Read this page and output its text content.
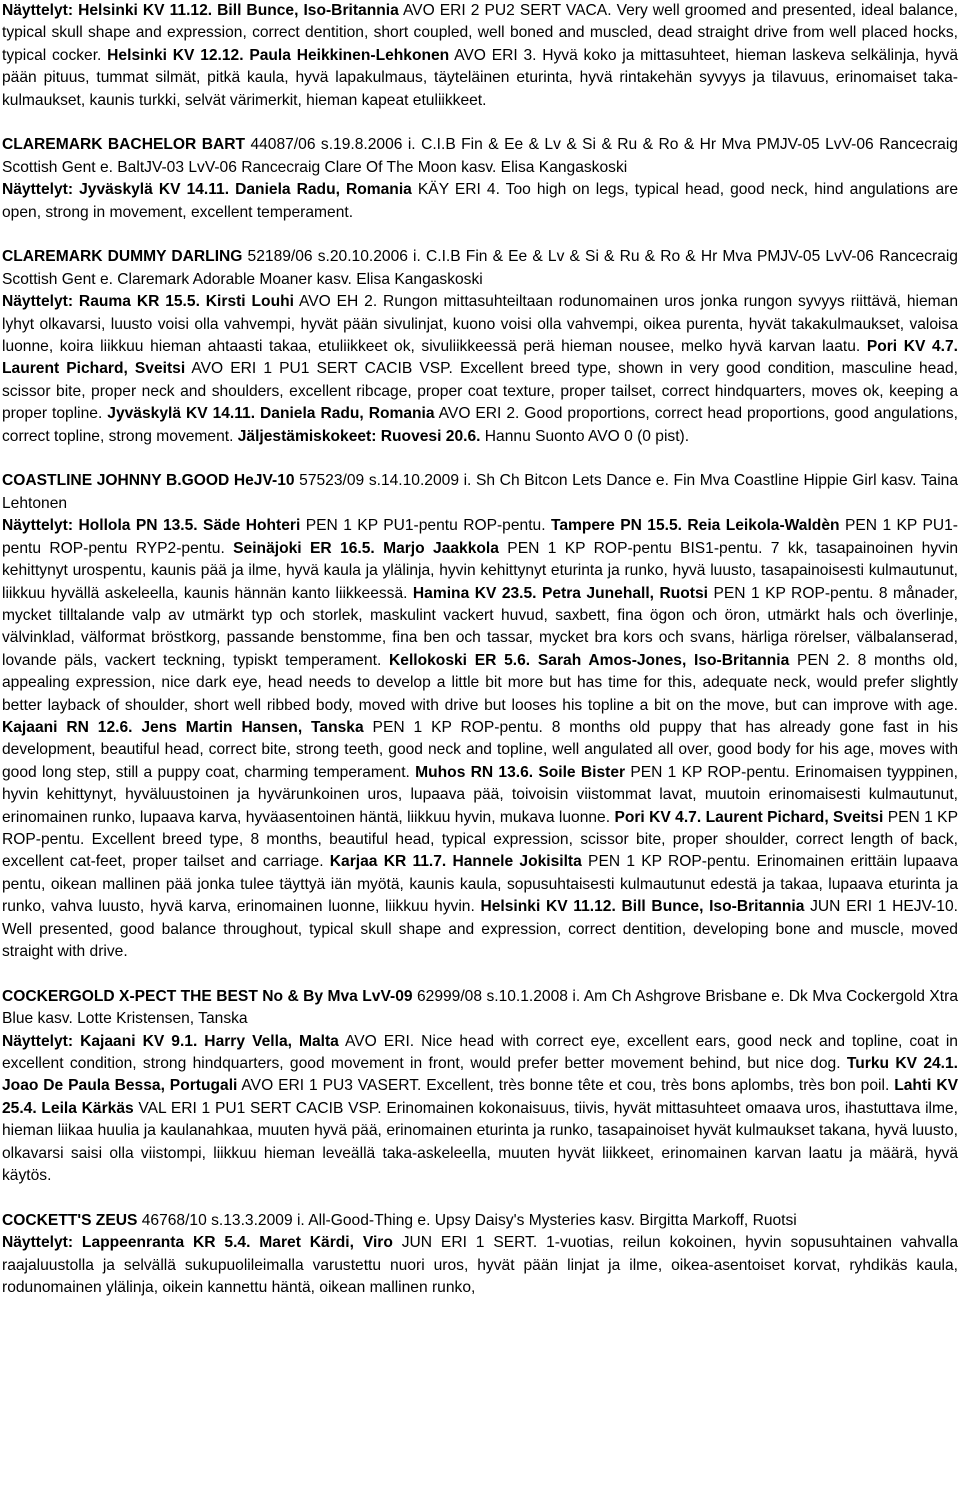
Näyttelyt: Helsinki KV 11.12. Bill Bunce, Iso-Britannia AVO ERI 2 PU2 SERT VACA. Very well groomed and presented, ideal balance, typical skull shape and expression, correct dentition, short coupled, well boned and muscled, dead straight drive from well placed hocks, typical cocker. Helsinki KV 12.12. Paula Heikkinen-Lehkonen AVO ERI 3. Hyvä koko ja mittasuhteet, hieman laskeva selkälinja, hyvä pään pituus, tummat silmät, pitkä kaula, hyvä lapakulmaus, täyteläinen eturinta, hyvä rintakehän syvyys ja tilavuus, erinomaiset taka-kulmaukset, kaunis turkki, selvät värimerkit, hieman kapeat etuliikkeet.

CLAREMARK BACHELOR BART 44087/06 s.19.8.2006 i. C.I.B Fin & Ee & Lv & Si & Ru & Ro & Hr Mva PMJV-05 LvV-06 Rancecraig Scottish Gent e. BaltJV-03 LvV-06 Rancecraig Clare Of The Moon kasv. Elisa Kangaskoski

Näyttelyt: Jyväskylä KV 14.11. Daniela Radu, Romania KÄY ERI 4. Too high on legs, typical head, good neck, hind angulations are open, strong in movement, excellent temperament.

CLAREMARK DUMMY DARLING 52189/06 s.20.10.2006 i. C.I.B Fin & Ee & Lv & Si & Ru & Ro & Hr Mva PMJV-05 LvV-06 Rancecraig Scottish Gent e. Claremark Adorable Moaner kasv. Elisa Kangaskoski

Näyttelyt: Rauma KR 15.5. Kirsti Louhi AVO EH 2. Rungon mittasuhteiltaan rodunomainen uros jonka rungon syvyys riittävä, hieman lyhyt olkavarsi, luusto voisi olla vahvempi, hyvät pään sivulinjat, kuono voisi olla vahvempi, oikea purenta, hyvät takakulmaukset, valoisa luonne, koira liikkuu hieman ahtaasti takaa, etuliikkeet ok, sivuliikkeessä perä hieman nousee, melko hyvä karvan laatu. Pori KV 4.7. Laurent Pichard, Sveitsi AVO ERI 1 PU1 SERT CACIB VSP. Excellent breed type, shown in very good condition, masculine head, scissor bite, proper neck and shoulders, excellent ribcage, proper coat texture, proper tailset, correct hindquarters, moves ok, keeping a proper topline. Jyväskylä KV 14.11. Daniela Radu, Romania AVO ERI 2. Good proportions, correct head proportions, good angulations, correct topline, strong movement. Jäljestämiskokeet: Ruovesi 20.6. Hannu Suonto AVO 0 (0 pist).

COASTLINE JOHNNY B.GOOD HeJV-10 57523/09 s.14.10.2009 i. Sh Ch Bitcon Lets Dance e. Fin Mva Coastline Hippie Girl kasv. Taina Lehtonen

Näyttelyt: Hollola PN 13.5. Säde Hohteri PEN 1 KP PU1-pentu ROP-pentu. Tampere PN 15.5. Reia Leikola-Waldèn PEN 1 KP PU1-pentu ROP-pentu RYP2-pentu. Seinäjoki ER 16.5. Marjo Jaakkola PEN 1 KP ROP-pentu BIS1-pentu. 7 kk, tasapainoinen hyvin kehittynyt urospentu, kaunis pää ja ilme, hyvä kaula ja ylälinja, hyvin kehittynyt eturinta ja runko, hyvä luusto, tasapainoisesti kulmautunut, liikkuu hyvällä askeleella, kaunis hännän kanto liikkeessä. Hamina KV 23.5. Petra Junehall, Ruotsi PEN 1 KP ROP-pentu. 8 månader, mycket tilltalande valp av utmärkt typ och storlek, maskulint vackert huvud, saxbett, fina ögon och öron, utmärkt hals och överlinje, välvinklad, välformat bröstkorg, passande benstomme, fina ben och tassar, mycket bra kors och svans, härliga rörelser, välbalanserad, lovande päls, vackert teckning, typiskt temperament. Kellokoski ER 5.6. Sarah Amos-Jones, Iso-Britannia PEN 2. 8 months old, appealing expression, nice dark eye, head needs to develop a little bit more but has time for this, adequate neck, would prefer slightly better layback of shoulder, short well ribbed body, moved with drive but looses his topline a bit on the move, but can improve with age. Kajaani RN 12.6. Jens Martin Hansen, Tanska PEN 1 KP ROP-pentu. 8 months old puppy that has already gone fast in his development, beautiful head, correct bite, strong teeth, good neck and topline, well angulated all over, good body for his age, moves with good long step, still a puppy coat, charming temperament. Muhos RN 13.6. Soile Bister PEN 1 KP ROP-pentu. Erinomaisen tyyppinen, hyvin kehittynyt, hyväluustoinen ja hyvärunkoinen uros, lupaava pää, toivoisin viistommat lavat, muutoin erinomaisesti kulmautunut, erinomainen runko, lupaava karva, hyväasentoinen häntä, liikkuu hyvin, mukava luonne. Pori KV 4.7. Laurent Pichard, Sveitsi PEN 1 KP ROP-pentu. Excellent breed type, 8 months, beautiful head, typical expression, scissor bite, proper shoulder, correct length of back, excellent cat-feet, proper tailset and carriage. Karjaa KR 11.7. Hannele Jokisilta PEN 1 KP ROP-pentu. Erinomainen erittäin lupaava pentu, oikean mallinen pää jonka tulee täyttyä iän myötä, kaunis kaula, sopusuhtaisesti kulmautunut edestä ja takaa, lupaava eturinta ja runko, vahva luusto, hyvä karva, erinomainen luonne, liikkuu hyvin. Helsinki KV 11.12. Bill Bunce, Iso-Britannia JUN ERI 1 HEJV-10. Well presented, good balance throughout, typical skull shape and expression, correct dentition, developing bone and muscle, moved straight with drive.

COCKERGOLD X-PECT THE BEST No & By Mva LvV-09 62999/08 s.10.1.2008 i. Am Ch Ashgrove Brisbane e. Dk Mva Cockergold Xtra Blue kasv. Lotte Kristensen, Tanska

Näyttelyt: Kajaani KV 9.1. Harry Vella, Malta AVO ERI. Nice head with correct eye, excellent ears, good neck and topline, coat in excellent condition, strong hindquarters, good movement in front, would prefer better movement behind, but nice dog. Turku KV 24.1. Joao De Paula Bessa, Portugali AVO ERI 1 PU3 VASERT. Excellent, très bonne tête et cou, très bons aplombs, très bon poil. Lahti KV 25.4. Leila Kärkäs VAL ERI 1 PU1 SERT CACIB VSP. Erinomainen kokonaisuus, tiivis, hyvät mittasuhteet omaava uros, ihastuttava ilme, hieman liikaa huulia ja kaulanahkaa, muuten hyvä pää, erinomainen eturinta ja runko, tasapainoiset hyvät kulmaukset takana, hyvä luusto, olkavarsi saisi olla viistompi, liikkuu hieman leveällä taka-askeleella, muuten hyvät liikkeet, erinomainen karvan laatu ja määrä, hyvä käytös.

COCKETT'S ZEUS 46768/10 s.13.3.2009 i. All-Good-Thing e. Upsy Daisy's Mysteries kasv. Birgitta Markoff, Ruotsi

Näyttelyt: Lappeenranta KR 5.4. Maret Kärdi, Viro JUN ERI 1 SERT. 1-vuotias, reilun kokoinen, hyvin sopusuhtainen vahvalla raajaluustolla ja selvällä sukupuolileimalla varustettu nuori uros, hyvät pään linjat ja ilme, oikea-asentoiset korvat, ryhdikäs kaula, rodunomainen ylälinja, oikein kannettu häntä, oikean mallinen runko,
